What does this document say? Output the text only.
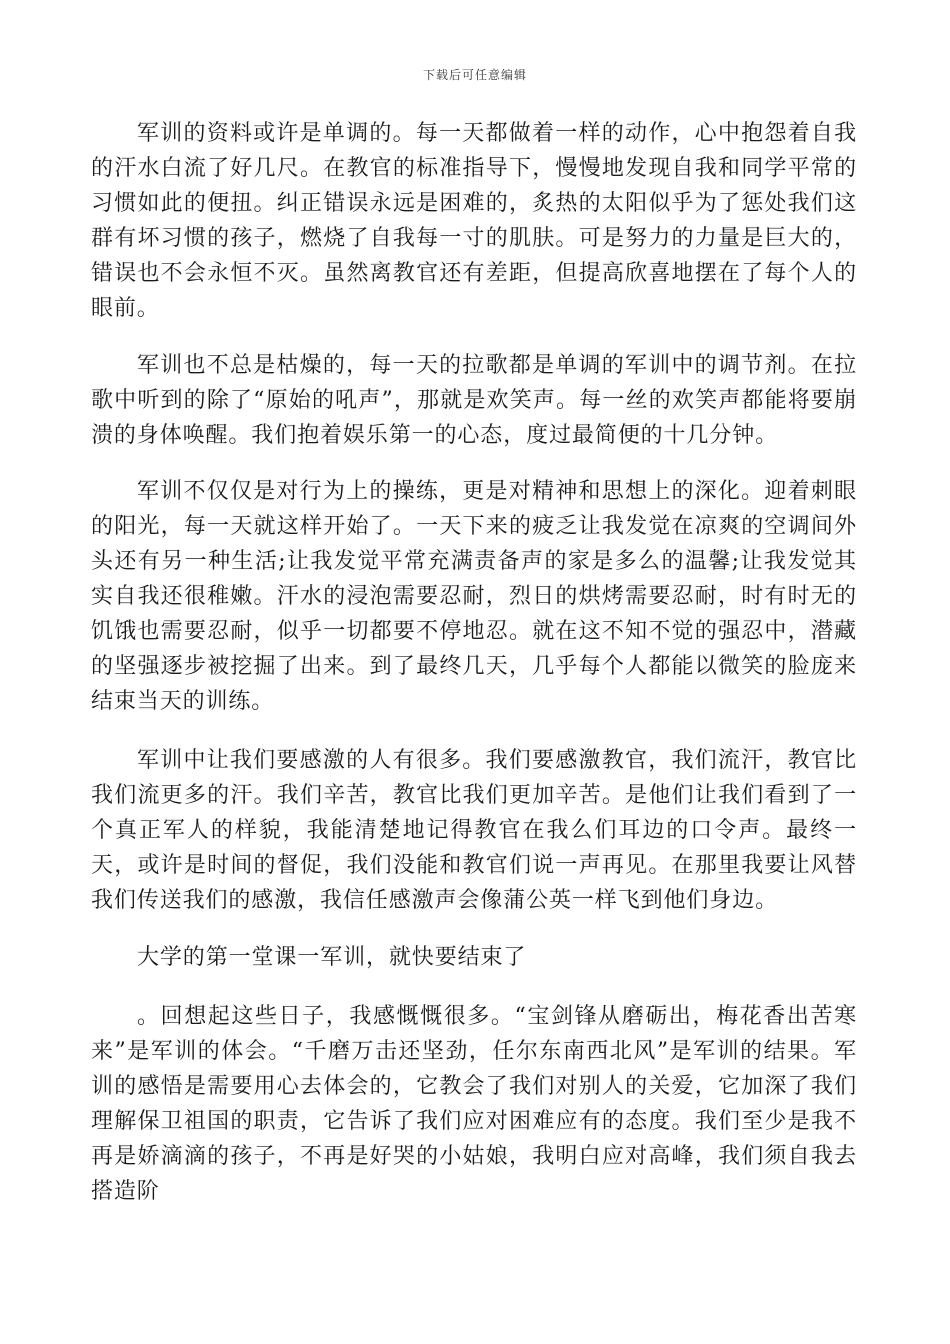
下载后可任意编辑

军训的资料或许是单调的。每一天都做着一样的动作，心中抱怨着自我的汗水白流了好几尺。在教官的标准指导下，慢慢地发现自我和同学平常的习惯如此的便扭。纠正错误永远是困难的，炙热的太阳似乎为了惩处我们这群有坏习惯的孩子，燃烧了自我每一寸的肌肤。可是努力的力量是巨大的，错误也不会永恒不灭。虽然离教官还有差距，但提高欣喜地摆在了每个人的眼前。

军训也不总是枯燥的，每一天的拉歌都是单调的军训中的调节剂。在拉歌中听到的除了“原始的吼声”，那就是欢笑声。每一丝的欢笑声都能将要崩溃的身体唤醒。我们抱着娱乐第一的心态，度过最简便的十几分钟。

军训不仅仅是对行为上的操练，更是对精神和思想上的深化。迎着刺眼的阳光，每一天就这样开始了。一天下来的疲乏让我发觉在凉爽的空调间外头还有另一种生活;让我发觉平常充满责备声的家是多么的温馨;让我发觉其实自我还很稚嫩。汗水的浸泡需要忍耐，烈日的烘烤需要忍耐，时有时无的饥饿也需要忍耐，似乎一切都要不停地忍。就在这不知不觉的强忍中，潜藏的坚强逐步被挖掘了出来。到了最终几天，几乎每个人都能以微笑的脸庞来结束当天的训练。

军训中让我们要感激的人有很多。我们要感激教官，我们流汗，教官比我们流更多的汗。我们辛苦，教官比我们更加辛苦。是他们让我们看到了一个真正军人的样貌，我能清楚地记得教官在我么们耳边的口令声。最终一天，或许是时间的督促，我们没能和教官们说一声再见。在那里我要让风替我们传送我们的感激，我信任感激声会像蒲公英一样飞到他们身边。

大学的第一堂课一军训，就快要结束了

。回想起这些日子，我感慨慨很多。“宝剑锋从磨砺出，梅花香出苦寒来”是军训的体会。“千磨万击还坚劲，任尔东南西北风”是军训的结果。军训的感悟是需要用心去体会的，它教会了我们对别人的关爱，它加深了我们理解保卫祖国的职责，它告诉了我们应对困难应有的态度。我们至少是我不再是娇滴滴的孩子，不再是好哭的小姑娘，我明白应对高峰，我们须自我去搭造阶
